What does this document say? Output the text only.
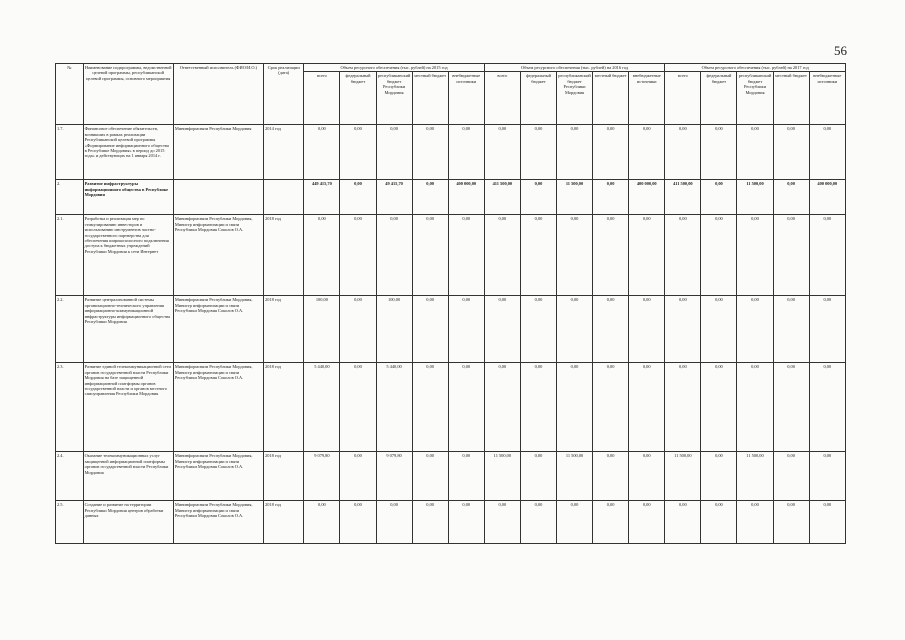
56
№	Наименование подпрограммы, ведомственной целевой программы, республиканской целевой программы, основного мероприятия	Ответственный исполнитель (ФИО/И.О.)	Срок реализации (дата)	Объем ресурсного обеспечения (тыс. рублей) на 2015 год					Объем ресурсного обеспечения (тыс. рублей) на 2016 год					Объем ресурсного обеспечения (тыс. рублей) на 2017 год				
				всего	федеральный бюджет	республиканский бюджет Республики Мордовия	местный бюджет	внебюджетные источники	всего	федеральный бюджет	республиканский бюджет Республики Мордовия	местный бюджет	внебюджетные источники	всего	федеральный бюджет	республиканский бюджет Республики Мордовия	местный бюджет	внебюджетные источники
1.7.	Финансовое обеспечение обязательств, возникших в рамках реализации Республиканской целевой программы «Формирование информационного общества в Республике Мордовия» в период до 2015 года» и действующих на 1 января 2014 г.	Мининформсвязи Республики Мордовия	2014 год	0,00	0,00	0,00	0,00	0,00	0,00	0,00	0,00	0,00	0,00	0,00	0,00	0,00	0,00	0,00
2.	Развитие инфраструктуры информационного общества в Республике Мордовия			449 415,70	0,00	49 415,70	0,00	400 000,00	411 500,00	0,00	11 500,00	0,00	400 000,00	411 500,00	0,00	11 500,00	0,00	400 000,00
2.1.	Разработка и реализация мер по стимулированию инвесторов и использованию инструментов частно-государственного партнерства для обеспечения широкополосного подключения доступа к бюджетных учреждений Республики Мордовия к сети Интернет	Мининформсвязи Республики Мордовия, Министр информатизации и связи Республики Мордовия Соколов О.А.	2018 год	0,00	0,00	0,00	0,00	0,00	0,00	0,00	0,00	0,00	0,00	0,00	0,00	0,00	0,00	0,00
2.2.	Развитие централизованной системы организационно-технического управления информационно-коммуникационной инфраструктуры информационного общества Республики Мордовия	Мининформсвязи Республики Мордовия, Министр информатизации и связи Республики Мордовия Соколов О.А.	2018 год	100,00	0,00	100,00	0,00	0,00	0,00	0,00	0,00	0,00	0,00	0,00	0,00	0,00	0,00	0,00
2.3.	Развитие единой телекоммуникационной сети органов государственной власти Республики Мордовия на базе защищенной информационной платформы органов государственной власти и органов местного самоуправления Республики Мордовия	Мининформсвязи Республики Мордовия, Министр информатизации и связи Республики Мордовия Соколов О.А.	2018 год	5 440,00	0,00	5 440,00	0,00	0,00	0,00	0,00	0,00	0,00	0,00	0,00	0,00	0,00	0,00	0,00
2.4.	Оказание телекоммуникационных услуг защищенной информационной платформы органов государственной власти Республики Мордовия	Мининформсвязи Республики Мордовия, Министр информатизации и связи Республики Мордовия Соколов О.А.	2018 год	9 079,80	0,00	9 079,80	0,00	0,00	11 500,00	0,00	11 500,00	0,00	0,00	11 500,00	0,00	11 500,00	0,00	0,00
2.5.	Создание и развитие на территории Республики Мордовия центров обработки данных	Мининформсвязи Республики Мордовия, Министр информатизации и связи Республики Мордовия Соколов О.А.	2018 год	0,00	0,00	0,00	0,00	0,00	0,00	0,00	0,00	0,00	0,00	0,00	0,00	0,00	0,00	0,00
